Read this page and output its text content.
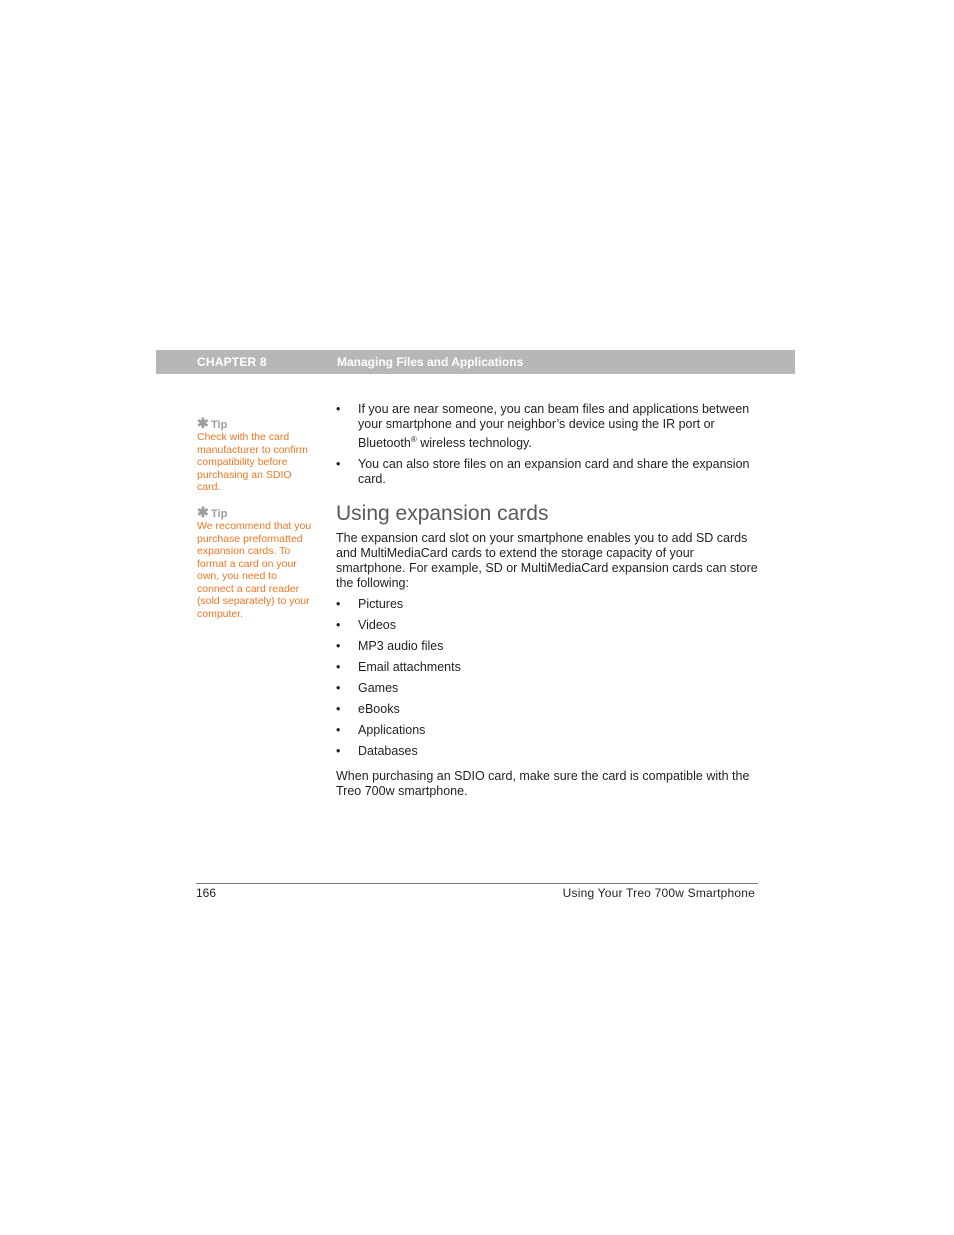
CHAPTER 8	Managing Files and Applications
✱ Tip
Check with the card manufacturer to confirm compatibility before purchasing an SDIO card.
✱ Tip
We recommend that you purchase preformatted expansion cards. To format a card on your own, you need to connect a card reader (sold separately) to your computer.
•	If you are near someone, you can beam files and applications between your smartphone and your neighbor’s device using the IR port or Bluetooth® wireless technology.
•	You can also store files on an expansion card and share the expansion card.
Using expansion cards
The expansion card slot on your smartphone enables you to add SD cards and MultiMediaCard cards to extend the storage capacity of your smartphone. For example, SD or MultiMediaCard expansion cards can store the following:
•	Pictures
•	Videos
•	MP3 audio files
•	Email attachments
•	Games
•	eBooks
•	Applications
•	Databases
When purchasing an SDIO card, make sure the card is compatible with the Treo 700w smartphone.
166	Using Your Treo 700w Smartphone
